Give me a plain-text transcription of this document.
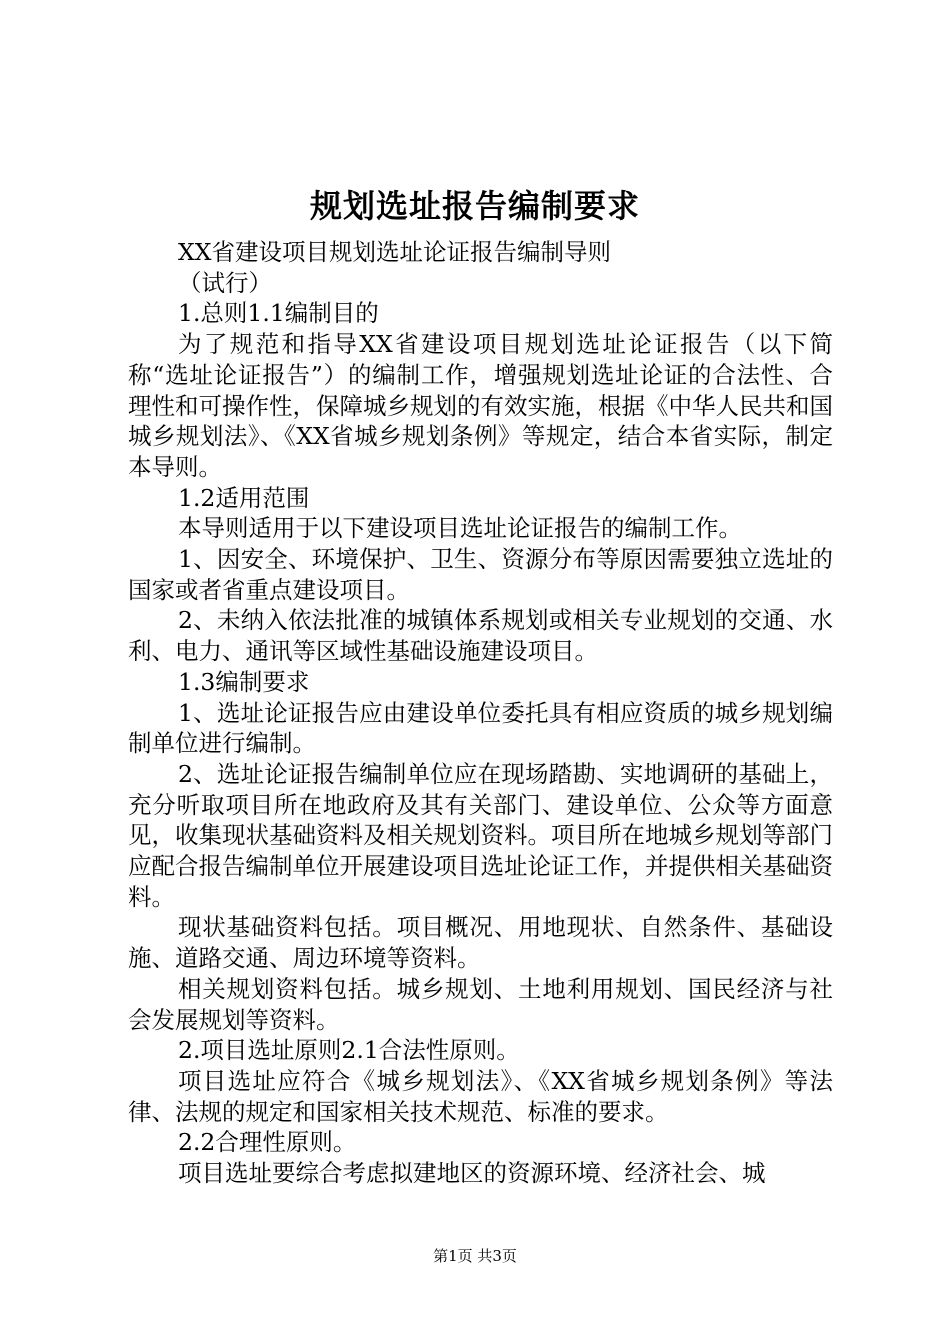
规划选址报告编制要求

XX省建设项目规划选址论证报告编制导则

（试行）

1.总则1.1编制目的

为了规范和指导XX省建设项目规划选址论证报告（以下简称“选址论证报告”）的编制工作，增强规划选址论证的合法性、合理性和可操作性，保障城乡规划的有效实施，根据《中华人民共和国城乡规划法》、《XX省城乡规划条例》等规定，结合本省实际，制定本导则。

1.2适用范围

本导则适用于以下建设项目选址论证报告的编制工作。

1、因安全、环境保护、卫生、资源分布等原因需要独立选址的国家或者省重点建设项目。

2、未纳入依法批准的城镇体系规划或相关专业规划的交通、水利、电力、通讯等区域性基础设施建设项目。

1.3编制要求

1、选址论证报告应由建设单位委托具有相应资质的城乡规划编制单位进行编制。

2、选址论证报告编制单位应在现场踏勘、实地调研的基础上，充分听取项目所在地政府及其有关部门、建设单位、公众等方面意见，收集现状基础资料及相关规划资料。项目所在地城乡规划等部门应配合报告编制单位开展建设项目选址论证工作，并提供相关基础资料。

现状基础资料包括。项目概况、用地现状、自然条件、基础设施、道路交通、周边环境等资料。

相关规划资料包括。城乡规划、土地利用规划、国民经济与社会发展规划等资料。

2.项目选址原则2.1合法性原则。

项目选址应符合《城乡规划法》、《XX省城乡规划条例》等法律、法规的规定和国家相关技术规范、标准的要求。

2.2合理性原则。

项目选址要综合考虑拟建地区的资源环境、经济社会、城

第1页 共3页
